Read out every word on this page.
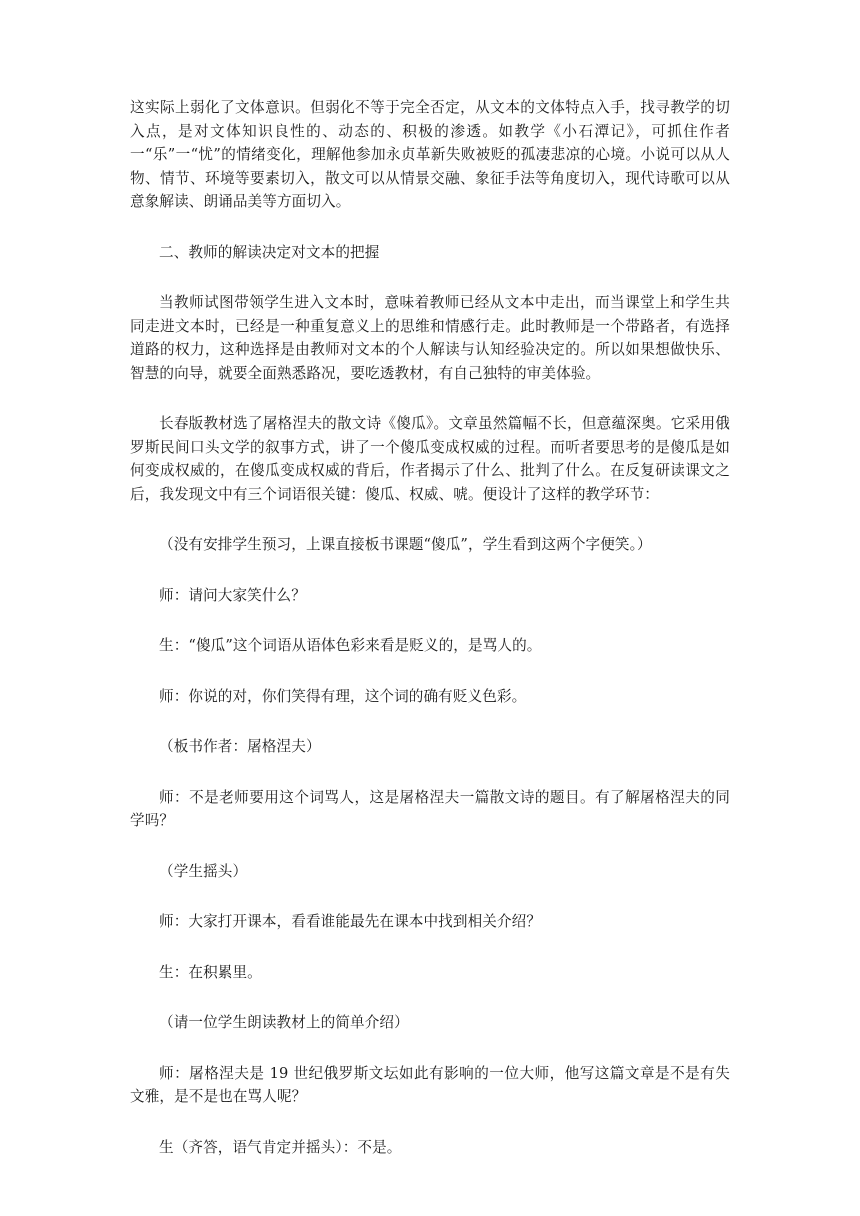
这实际上弱化了文体意识。但弱化不等于完全否定，从文本的文体特点入手，找寻教学的切入点，是对文体知识良性的、动态的、积极的渗透。如教学《小石潭记》，可抓住作者一“乐”一“忧”的情绪变化，理解他参加永贞革新失败被贬的孤凄悲凉的心境。小说可以从人物、情节、环境等要素切入，散文可以从情景交融、象征手法等角度切入，现代诗歌可以从意象解读、朗诵品美等方面切入。

二、教师的解读决定对文本的把握

当教师试图带领学生进入文本时，意味着教师已经从文本中走出，而当课堂上和学生共同走进文本时，已经是一种重复意义上的思维和情感行走。此时教师是一个带路者，有选择道路的权力，这种选择是由教师对文本的个人解读与认知经验决定的。所以如果想做快乐、智慧的向导，就要全面熟悉路况，要吃透教材，有自己独特的审美体验。

长春版教材选了屠格涅夫的散文诗《傻瓜》。文章虽然篇幅不长，但意蕴深奥。它采用俄罗斯民间口头文学的叙事方式，讲了一个傻瓜变成权威的过程。而听者要思考的是傻瓜是如何变成权威的，在傻瓜变成权威的背后，作者揭示了什么、批判了什么。在反复研读课文之后，我发现文中有三个词语很关键：傻瓜、权威、唬。便设计了这样的教学环节：

（没有安排学生预习，上课直接板书课题“傻瓜”，学生看到这两个字便笑。）

师：请问大家笑什么？

生：“傻瓜”这个词语从语体色彩来看是贬义的，是骂人的。

师：你说的对，你们笑得有理，这个词的确有贬义色彩。

（板书作者：屠格涅夫）

师：不是老师要用这个词骂人，这是屠格涅夫一篇散文诗的题目。有了解屠格涅夫的同学吗？

（学生摇头）

师：大家打开课本，看看谁能最先在课本中找到相关介绍？

生：在积累里。

（请一位学生朗读教材上的简单介绍）

师：屠格涅夫是 19 世纪俄罗斯文坛如此有影响的一位大师，他写这篇文章是不是有失文雅，是不是也在骂人呢？

生（齐答，语气肯定并摇头）：不是。
